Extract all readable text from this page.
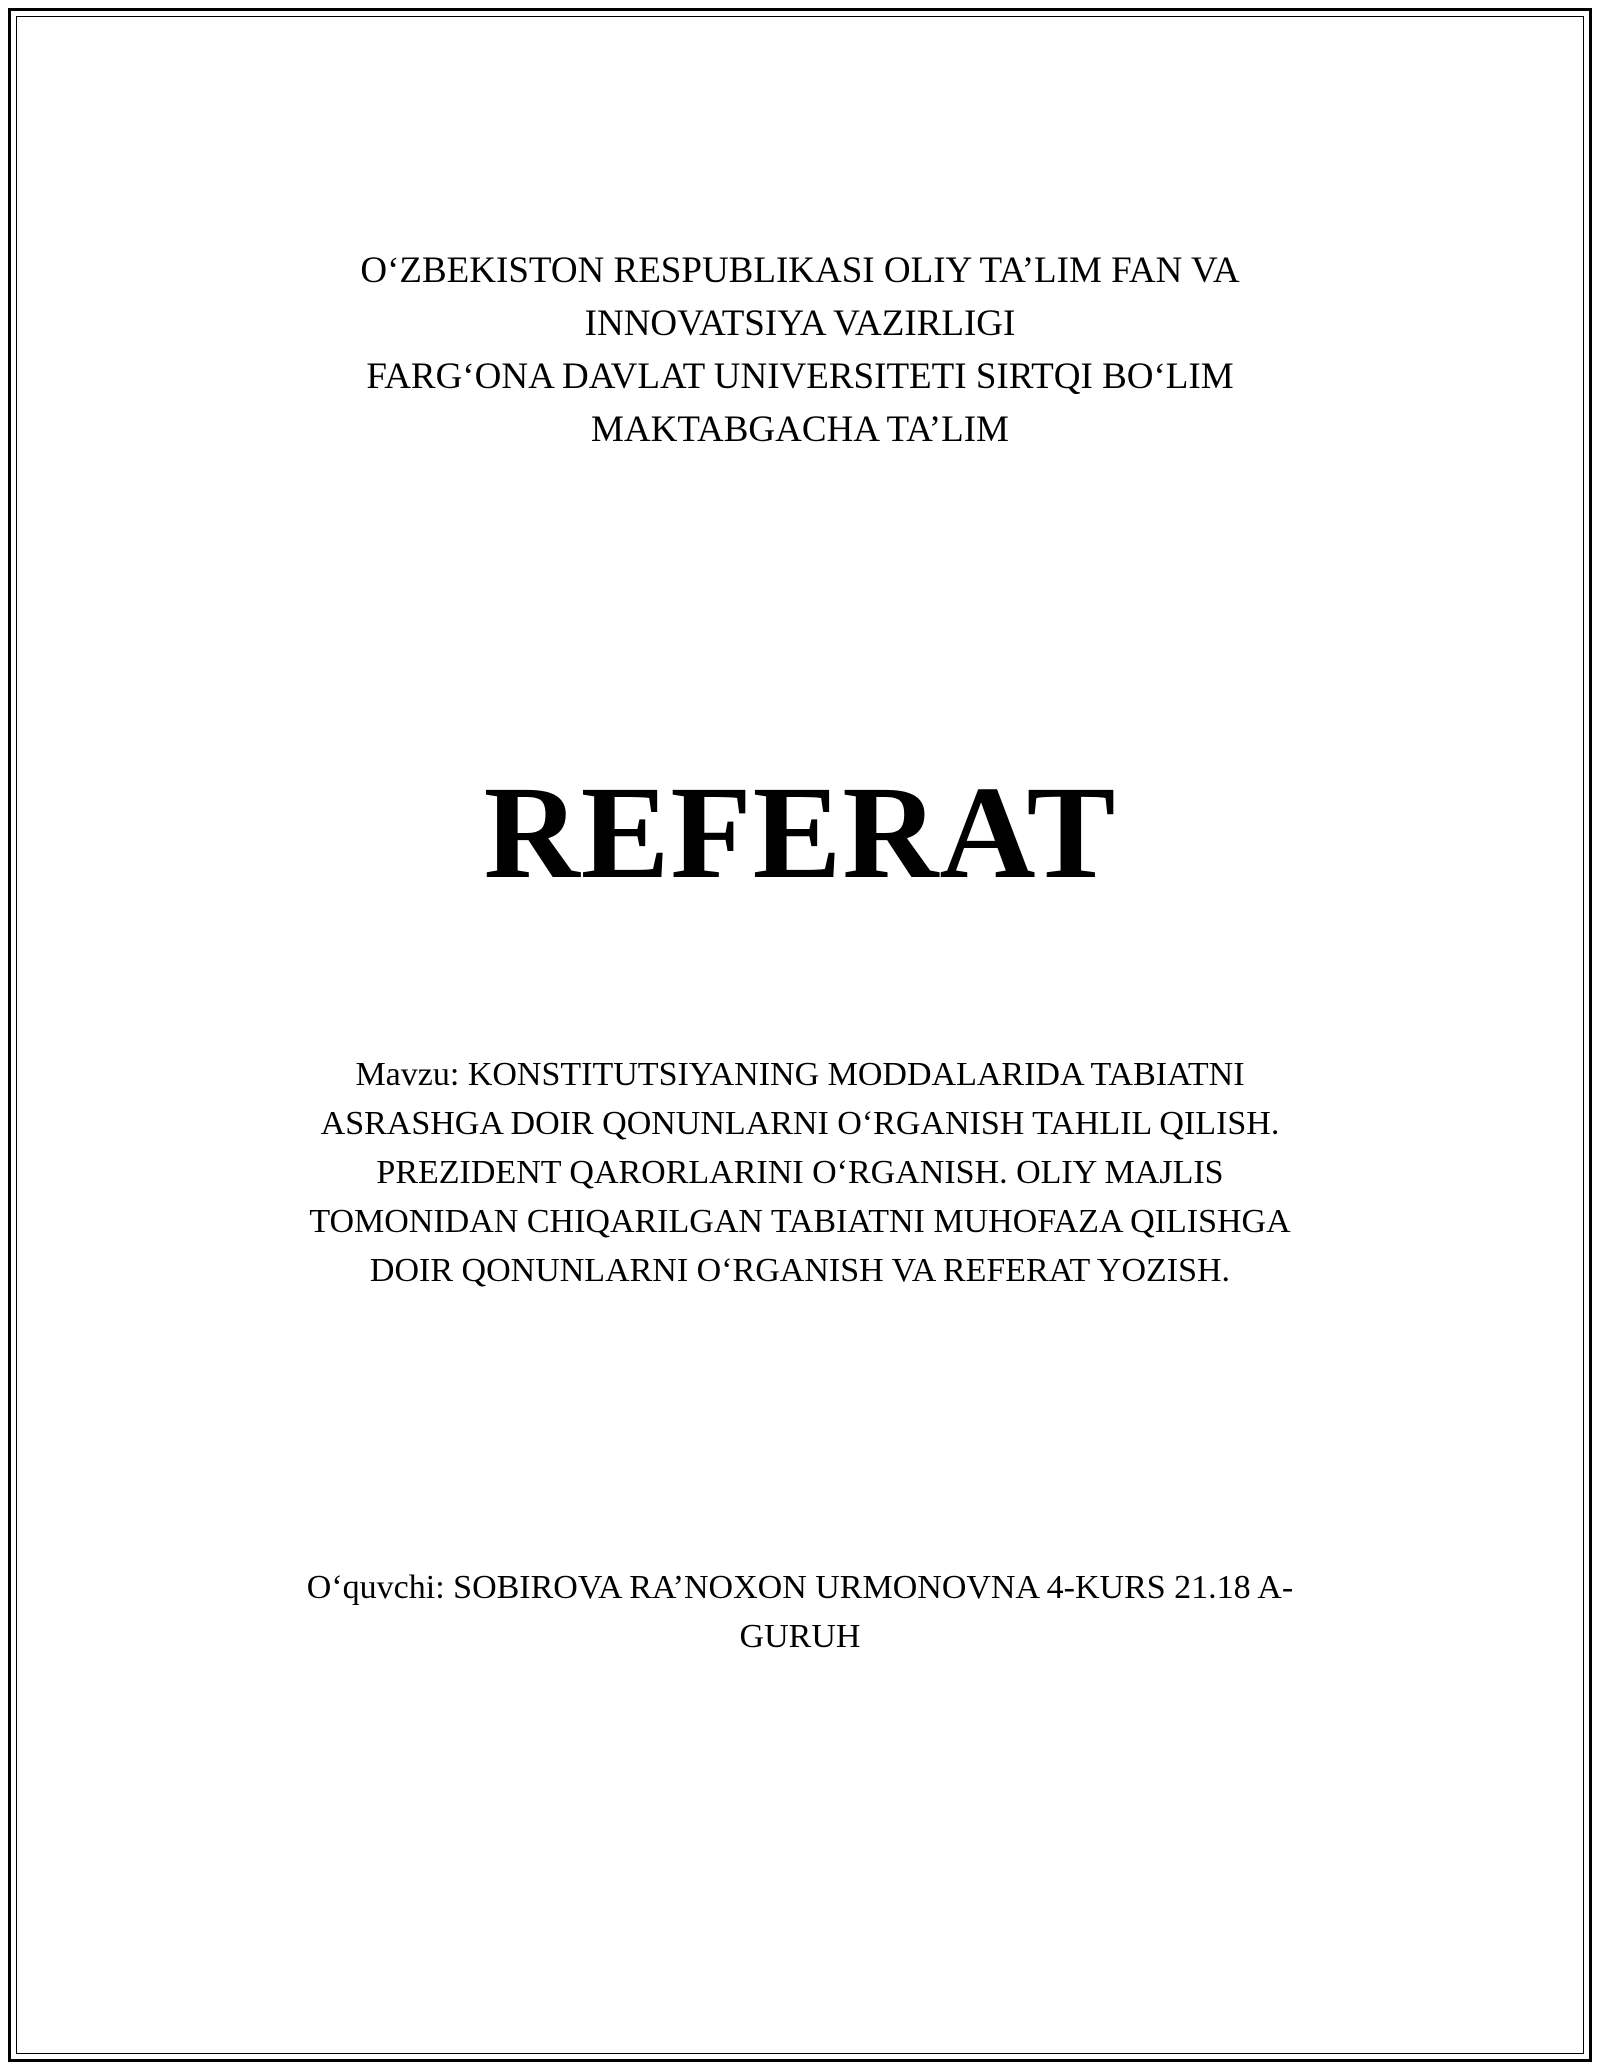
O‘ZBEKISTON RESPUBLIKASI OLIY TA’LIM FAN VA
INNOVATSIYA VAZIRLIGI
FARG‘ONA DAVLAT UNIVERSITETI SIRTQI BO‘LIM
MAKTABGACHA TA’LIM
REFERAT
Mavzu: KONSTITUTSIYANING MODDALARIDA TABIATNI
ASRASHGA DOIR QONUNLARNI O‘RGANISH TAHLIL QILISH.
PREZIDENT QARORLARINI O‘RGANISH. OLIY MAJLIS
TOMONIDAN CHIQARILGAN TABIATNI MUHOFAZA QILISHGA
DOIR QONUNLARNI O‘RGANISH VA REFERAT YOZISH.
O‘quvchi: SOBIROVA RA’NOXON URMONOVNA 4-KURS 21.18 A-
GURUH
